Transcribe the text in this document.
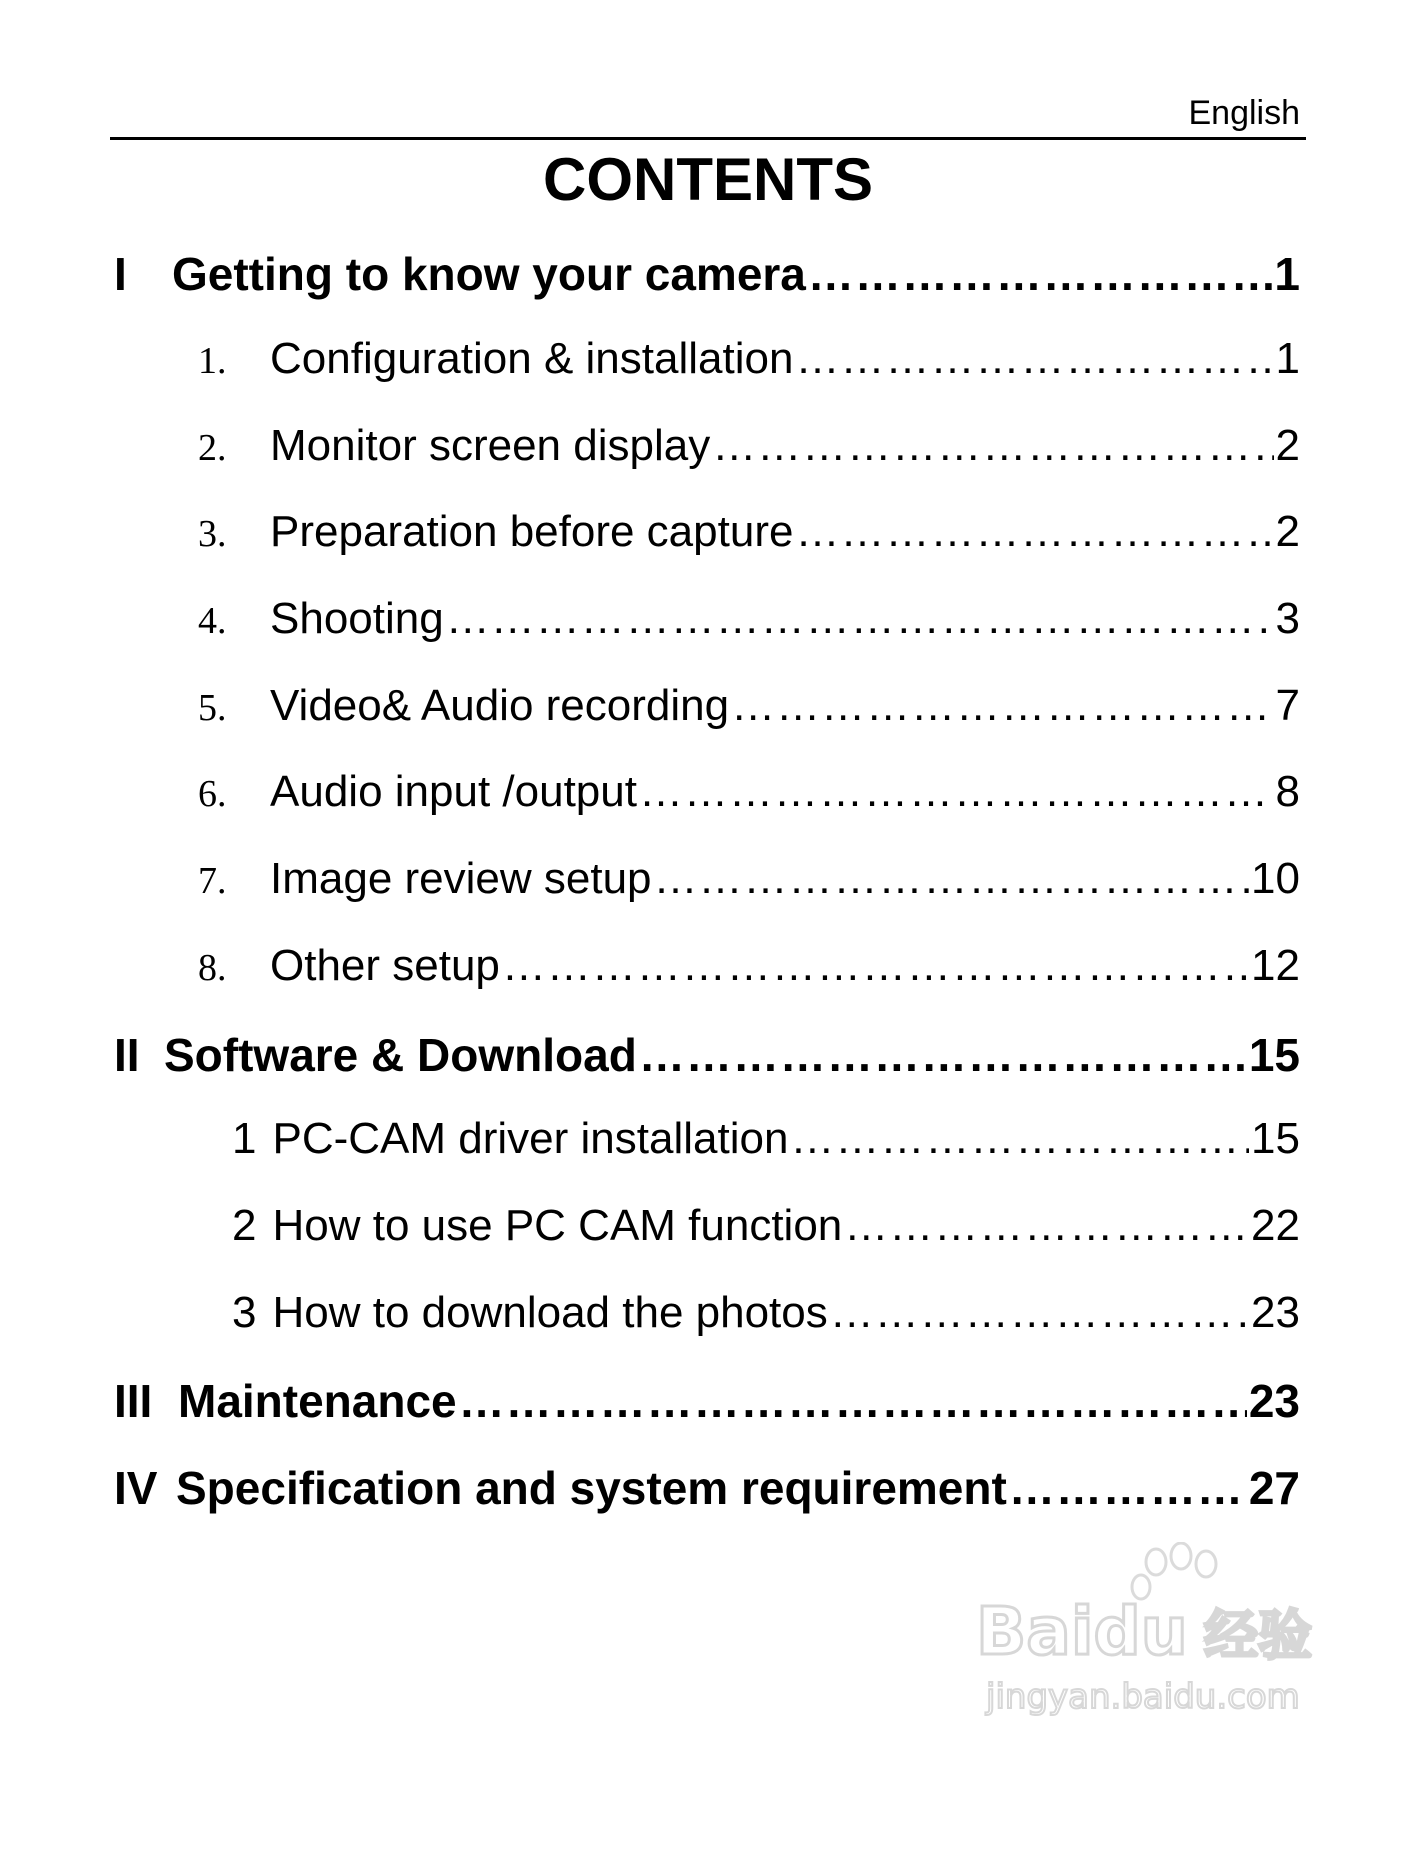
English
CONTENTS
I Getting to know your camera ………………………………………………………………………………………………………………………………………	1
1. Configuration & installation ………………………………………………………………………………………………………………………………………	1
2. Monitor screen display ………………………………………………………………………………………………………………………………………	2
3. Preparation before capture ………………………………………………………………………………………………………………………………………	2
4. Shooting ………………………………………………………………………………………………………………………………………	3
5. Video& Audio recording ………………………………………………………………………………………………………………………………………	7
6. Audio input /output ………………………………………………………………………………………………………………………………………	8
7. Image review setup ………………………………………………………………………………………………………………………………………	10
8. Other setup ………………………………………………………………………………………………………………………………………	12
II Software & Download ………………………………………………………………………………………………………………………………………	15
1 PC-CAM driver installation ………………………………………………………………………………………………………………………………………	15
2 How to use PC CAM function ………………………………………………………………………………………………………………………………………	22
3 How to download the photos ………………………………………………………………………………………………………………………………………	23
III Maintenance ………………………………………………………………………………………………………………………………………	23
IV Specification and system requirement ………………………………………………………………………………………………………………………………………	27
Baidu 经验
jingyan.baidu.com
